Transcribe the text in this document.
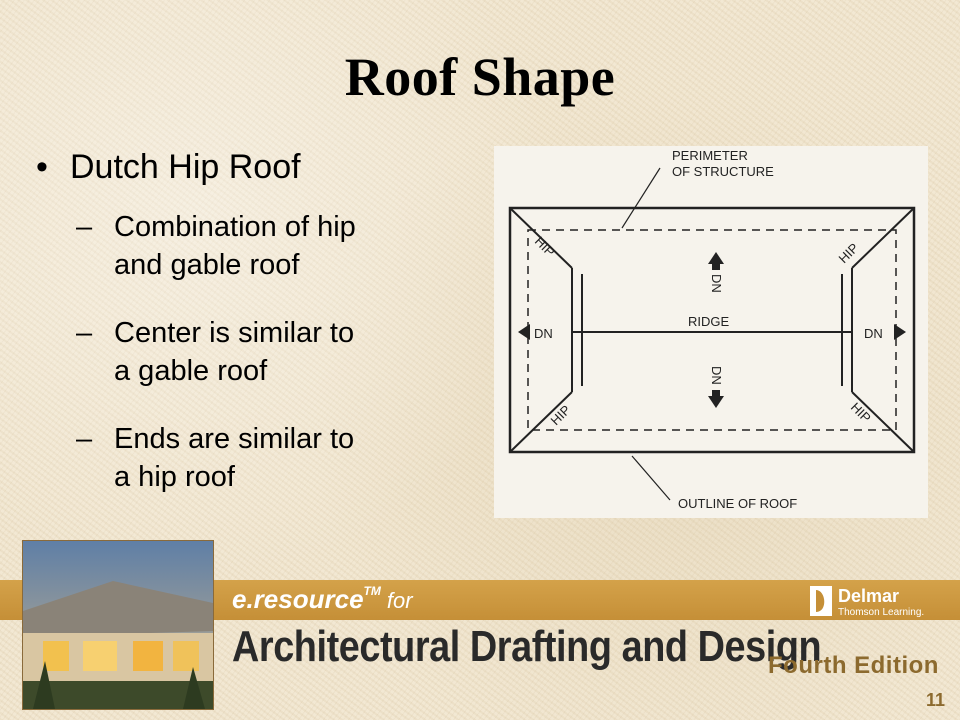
Roof Shape
• Dutch Hip Roof
– Combination of hip
and gable roof
– Center is similar to
a gable roof
– Ends are similar to
a hip roof
PERIMETER
OF STRUCTURE
RIDGE
DN	DN
DN
DN
HIP	HIP
HIP	HIP
OUTLINE OF ROOF
e.resource™ for	Delmar
Thomson Learning.
Architectural Drafting and Design
Fourth Edition
11
